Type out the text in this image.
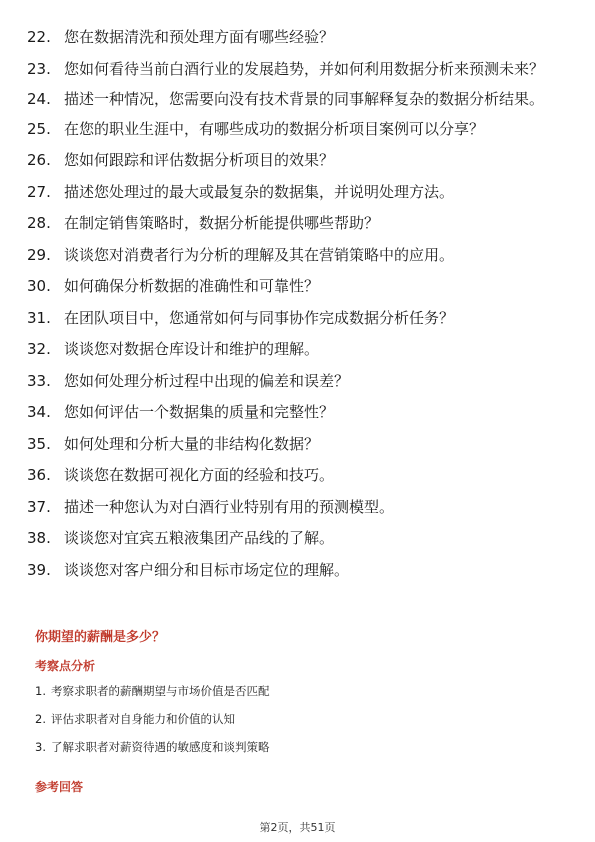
22. 您在数据清洗和预处理方面有哪些经验？
23. 您如何看待当前白酒行业的发展趋势，并如何利用数据分析来预测未来？
24. 描述一种情况，您需要向没有技术背景的同事解释复杂的数据分析结果。
25. 在您的职业生涯中，有哪些成功的数据分析项目案例可以分享？
26. 您如何跟踪和评估数据分析项目的效果？
27. 描述您处理过的最大或最复杂的数据集，并说明处理方法。
28. 在制定销售策略时，数据分析能提供哪些帮助？
29. 谈谈您对消费者行为分析的理解及其在营销策略中的应用。
30. 如何确保分析数据的准确性和可靠性？
31. 在团队项目中，您通常如何与同事协作完成数据分析任务？
32. 谈谈您对数据仓库设计和维护的理解。
33. 您如何处理分析过程中出现的偏差和误差？
34. 您如何评估一个数据集的质量和完整性？
35. 如何处理和分析大量的非结构化数据？
36. 谈谈您在数据可视化方面的经验和技巧。
37. 描述一种您认为对白酒行业特别有用的预测模型。
38. 谈谈您对宜宾五粮液集团产品线的了解。
39. 谈谈您对客户细分和目标市场定位的理解。
你期望的薪酬是多少？
考察点分析
1. 考察求职者的薪酬期望与市场价值是否匹配
2. 评估求职者对自身能力和价值的认知
3. 了解求职者对薪资待遇的敏感度和谈判策略
参考回答
第2页，共51页
